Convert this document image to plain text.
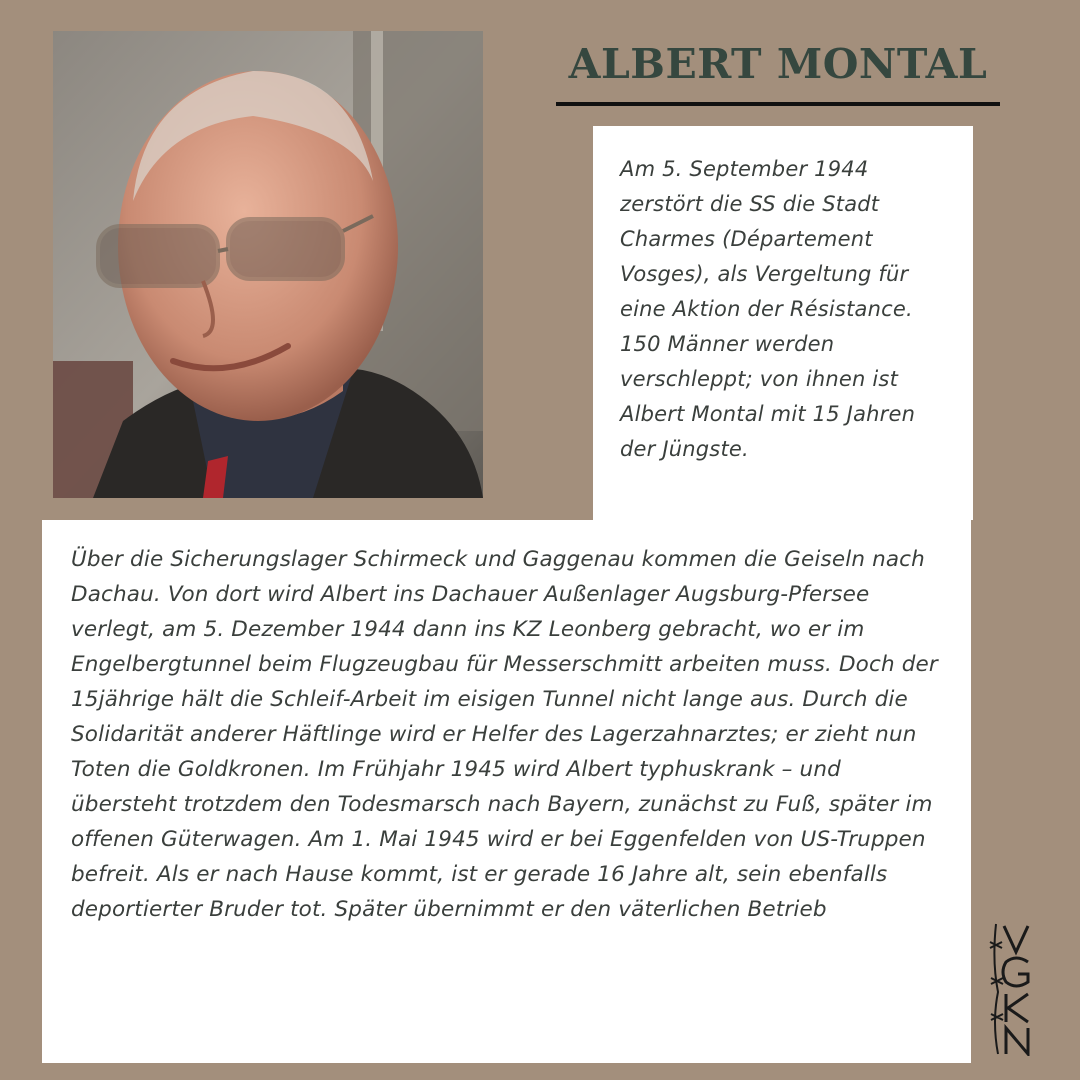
ALBERT MONTAL
Am 5. September 1944 zerstört die SS die Stadt Charmes (Département Vosges), als Vergeltung für eine Aktion der Résistance. 150 Männer werden verschleppt; von ihnen ist Albert Montal mit 15 Jahren der Jüngste.
Über die Sicherungslager Schirmeck und Gaggenau kommen die Geiseln nach Dachau. Von dort wird Albert ins Dachauer Außenlager Augsburg-Pfersee verlegt, am 5. Dezember 1944 dann ins KZ Leonberg gebracht, wo er im Engelbergtunnel beim Flugzeugbau für Messerschmitt arbeiten muss. Doch der 15jährige hält die Schleif-Arbeit im eisigen Tunnel nicht lange aus. Durch die Solidarität anderer Häftlinge wird er Helfer des Lagerzahnarztes; er zieht nun Toten die Goldkronen. Im Frühjahr 1945 wird Albert typhuskrank – und übersteht trotzdem den Todesmarsch nach Bayern, zunächst zu Fuß, später im offenen Güterwagen. Am 1. Mai 1945 wird er bei Eggenfelden von US-Truppen befreit. Als er nach Hause kommt, ist er gerade 16 Jahre alt, sein ebenfalls deportierter Bruder tot. Später übernimmt er den väterlichen Betrieb
